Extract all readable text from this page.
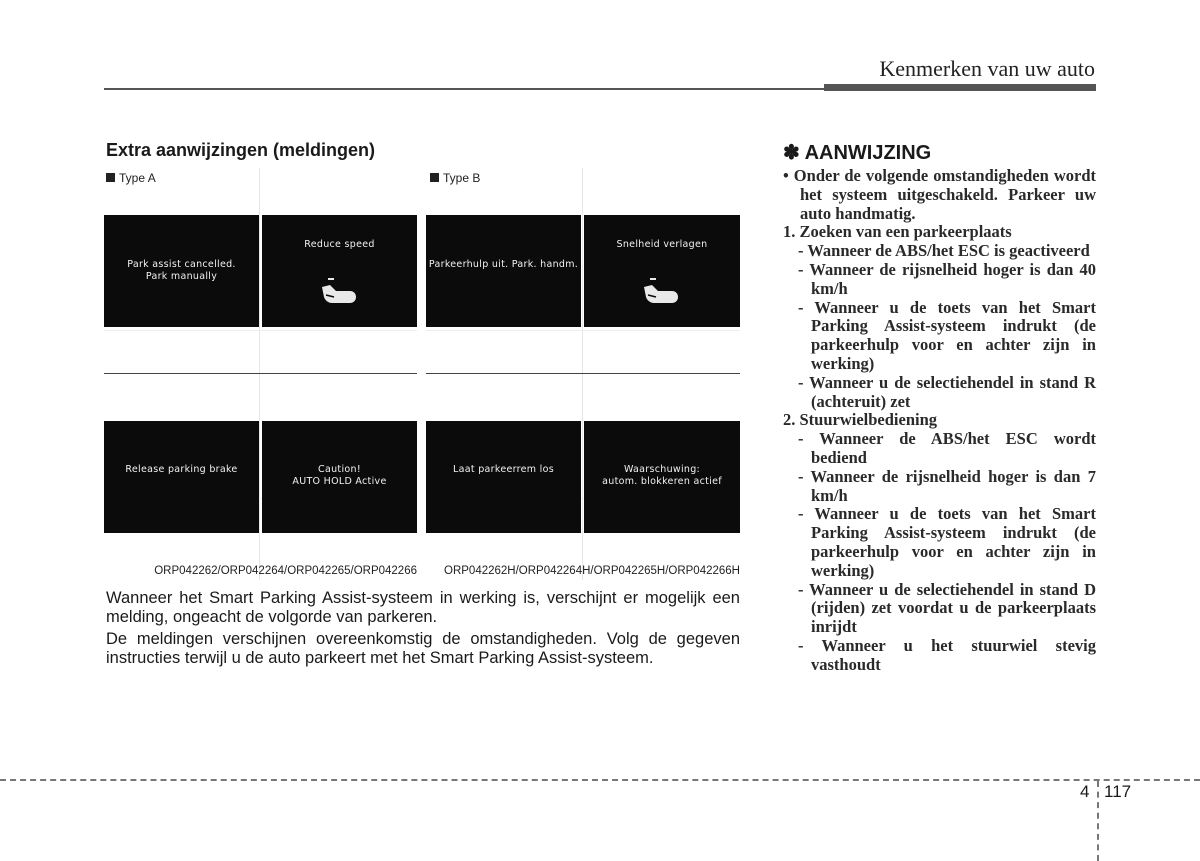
Kenmerken van uw auto
Extra aanwijzingen (meldingen)
Type A
Park assist cancelled.
Park manually
Reduce speed
Release parking brake	Caution!
AUTO HOLD Active
ORP042262/ORP042264/ORP042265/ORP042266
Type B
Parkeerhulp uit. Park. handm.
Snelheid verlagen
Laat parkeerrem los	Waarschuwing:
autom. blokkeren actief
ORP042262H/ORP042264H/ORP042265H/ORP042266H
Wanneer het Smart Parking Assist-systeem in werking is, verschijnt er mogelijk een melding, ongeacht de volgorde van parkeren.
De meldingen verschijnen overeenkomstig de omstandigheden. Volg de gegeven instructies terwijl u de auto parkeert met het Smart Parking Assist-systeem.
✽ AANWIJZING
• Onder de volgende omstandigheden wordt het systeem uitgeschakeld. Parkeer uw auto handmatig.
1. Zoeken van een parkeerplaats
- Wanneer de ABS/het ESC is geactiveerd
- Wanneer de rijsnelheid hoger is dan 40 km/h
- Wanneer u de toets van het Smart Parking Assist-systeem indrukt (de parkeerhulp voor en achter zijn in werking)
- Wanneer u de selectiehendel in stand R (achteruit) zet
2. Stuurwielbediening
- Wanneer de ABS/het ESC wordt bediend
- Wanneer de rijsnelheid hoger is dan 7 km/h
- Wanneer u de toets van het Smart Parking Assist-systeem indrukt (de parkeerhulp voor en achter zijn in werking)
- Wanneer u de selectiehendel in stand D (rijden) zet voordat u de parkeerplaats inrijdt
- Wanneer u het stuurwiel stevig vasthoudt
4 117
